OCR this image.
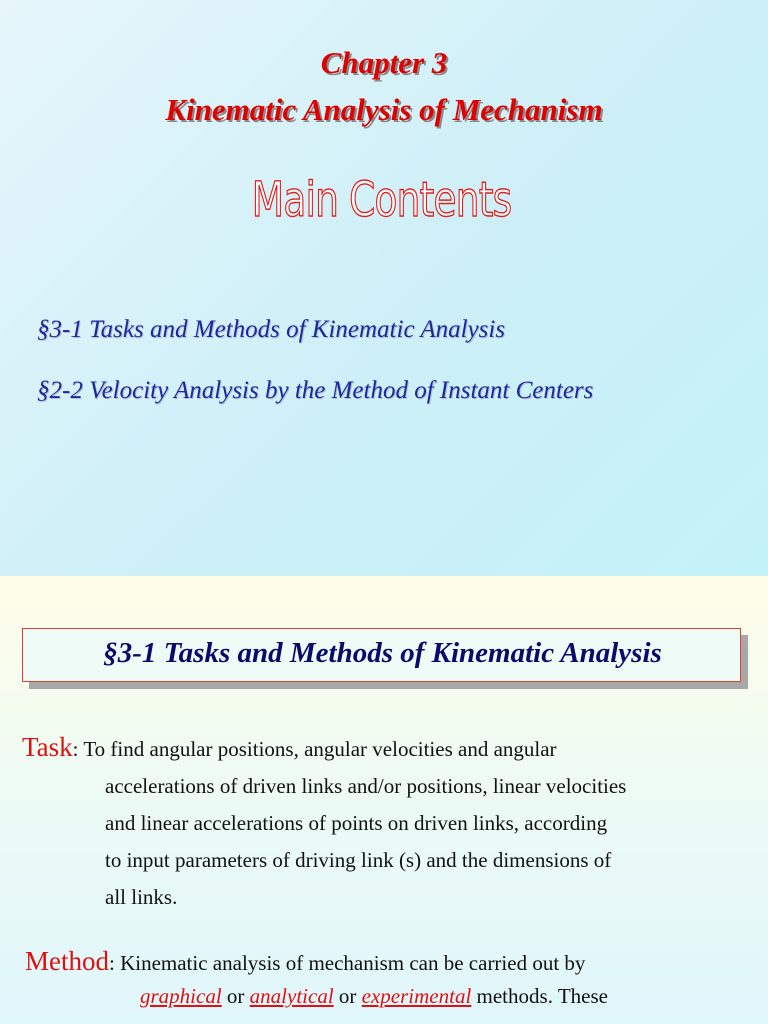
Chapter 3
Kinematic Analysis of Mechanism
Main Contents
§3-1 Tasks and Methods of Kinematic Analysis
§2-2 Velocity Analysis by the Method of Instant Centers
§3-1 Tasks and Methods of Kinematic Analysis
Task: To find angular positions, angular velocities and angular
accelerations of driven links and/or positions, linear velocities
and linear accelerations of points on driven links, according
to input parameters of driving link (s) and the dimensions of
all links.
Method: Kinematic analysis of mechanism can be carried out by
graphical or analytical or experimental methods. These
